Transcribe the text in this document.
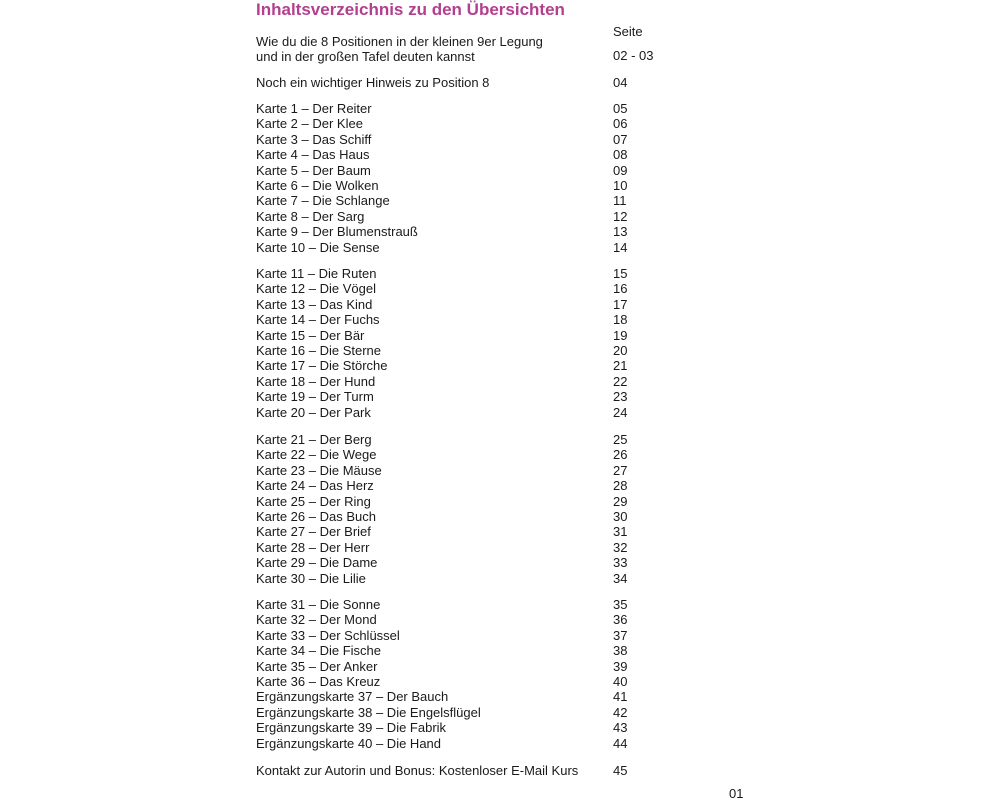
Inhaltsverzeichnis zu den Übersichten
Seite
Wie du die 8 Positionen in der kleinen 9er Legung
und in der großen Tafel deuten kannst	02 - 03
Noch ein wichtiger Hinweis zu Position 8	04
Karte 1 – Der Reiter	05
Karte 2 – Der Klee	06
Karte 3 – Das Schiff	07
Karte 4 – Das Haus	08
Karte 5 – Der Baum	09
Karte 6 – Die Wolken	10
Karte 7 – Die Schlange	11
Karte 8 – Der Sarg	12
Karte 9 – Der Blumenstrauß	13
Karte 10 – Die Sense	14
Karte 11 – Die Ruten	15
Karte 12 – Die Vögel	16
Karte 13 – Das Kind	17
Karte 14 – Der Fuchs	18
Karte 15 – Der Bär	19
Karte 16 – Die Sterne	20
Karte 17 – Die Störche	21
Karte 18 – Der Hund	22
Karte 19 – Der Turm	23
Karte 20 – Der Park	24
Karte 21 – Der Berg	25
Karte 22 – Die Wege	26
Karte 23 – Die Mäuse	27
Karte 24 – Das Herz	28
Karte 25 – Der Ring	29
Karte 26 – Das Buch	30
Karte 27 – Der Brief	31
Karte 28 – Der Herr	32
Karte 29 – Die Dame	33
Karte 30 – Die Lilie	34
Karte 31 – Die Sonne	35
Karte 32 – Der Mond	36
Karte 33 – Der Schlüssel	37
Karte 34 – Die Fische	38
Karte 35 – Der Anker	39
Karte 36 – Das Kreuz	40
Ergänzungskarte 37 – Der Bauch	41
Ergänzungskarte 38 – Die Engelsflügel	42
Ergänzungskarte 39 – Die Fabrik	43
Ergänzungskarte 40 – Die Hand	44
Kontakt zur Autorin und Bonus: Kostenloser E-Mail Kurs	45
01
